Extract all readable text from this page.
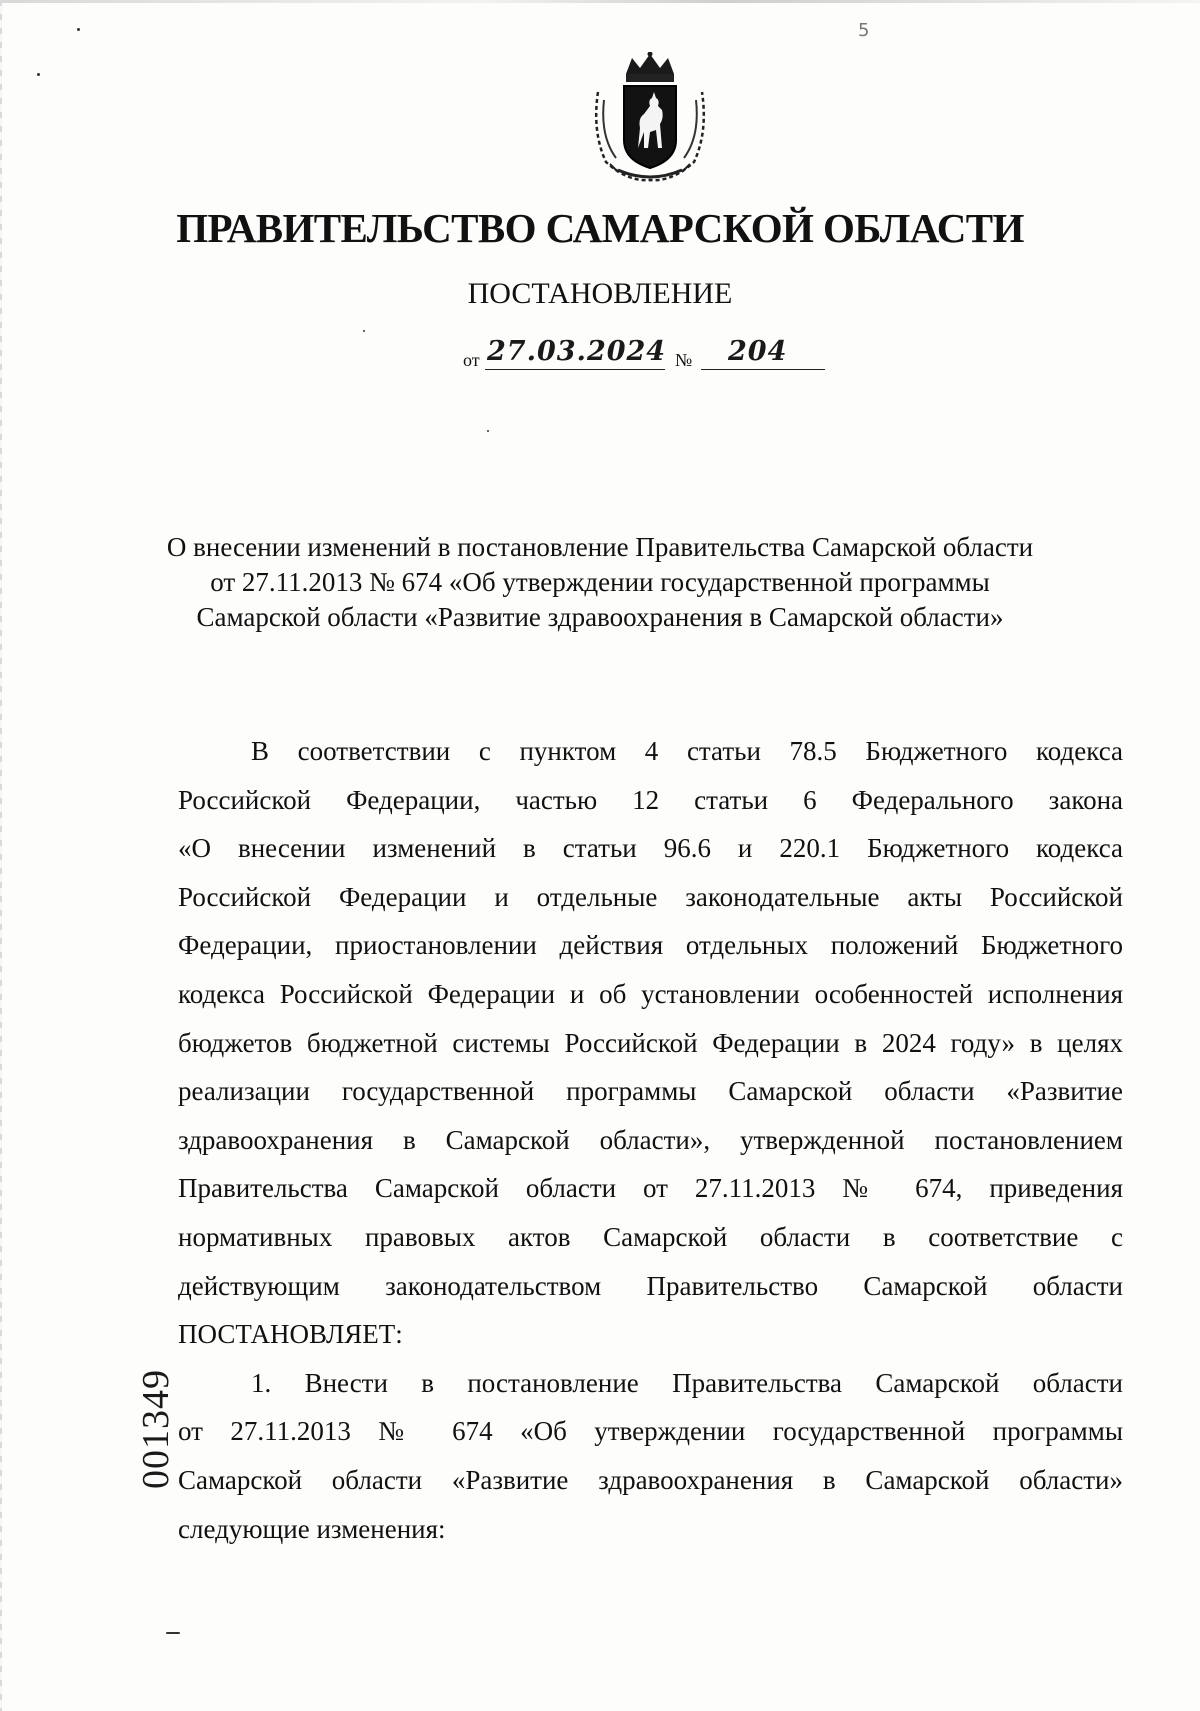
5
ПРАВИТЕЛЬСТВО САМАРСКОЙ ОБЛАСТИ
ПОСТАНОВЛЕНИЕ
от 27.03.2024 № 204
О внесении изменений в постановление Правительства Самарской области
от 27.11.2013 № 674 «Об утверждении государственной программы
Самарской области «Развитие здравоохранения в Самарской области»
В соответствии с пунктом 4 статьи 78.5 Бюджетного кодекса
Российской Федерации, частью 12 статьи 6 Федерального закона
«О внесении изменений в статьи 96.6 и 220.1 Бюджетного кодекса
Российской Федерации и отдельные законодательные акты Российской
Федерации, приостановлении действия отдельных положений Бюджетного
кодекса Российской Федерации и об установлении особенностей исполнения
бюджетов бюджетной системы Российской Федерации в 2024 году» в целях
реализации государственной программы Самарской области «Развитие
здравоохранения в Самарской области», утвержденной постановлением
Правительства Самарской области от 27.11.2013 № 674, приведения
нормативных правовых актов Самарской области в соответствие с
действующим законодательством Правительство Самарской области
ПОСТАНОВЛЯЕТ:
1. Внести в постановление Правительства Самарской области
от 27.11.2013 № 674 «Об утверждении государственной программы
Самарской области «Развитие здравоохранения в Самарской области»
следующие изменения:
001349
